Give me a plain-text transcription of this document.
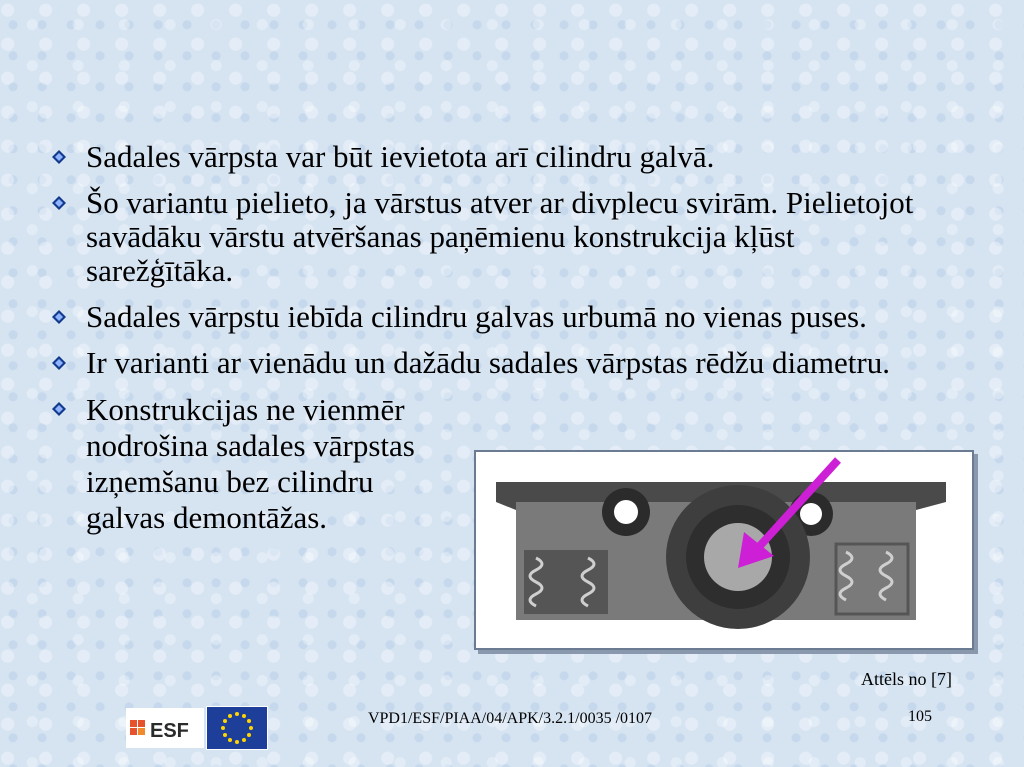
Sadales vārpsta var būt ievietota arī cilindru galvā.
Šo variantu pielieto, ja vārstus atver ar divplecu svirām. Pielietojot savādāku vārstu atvēršanas paņēmienu konstrukcija kļūst sarežģītāka.
Sadales vārpstu iebīda cilindru galvas urbumā no vienas puses.
Ir varianti ar vienādu un dažādu sadales vārpstas rēdžu diametru.
Konstrukcijas ne vienmēr nodrošina sadales vārpstas izņemšanu bez cilindru galvas demontāžas.
Attēls no [7]
ESF
VPD1/ESF/PIAA/04/APK/3.2.1/0035 /0107	105
